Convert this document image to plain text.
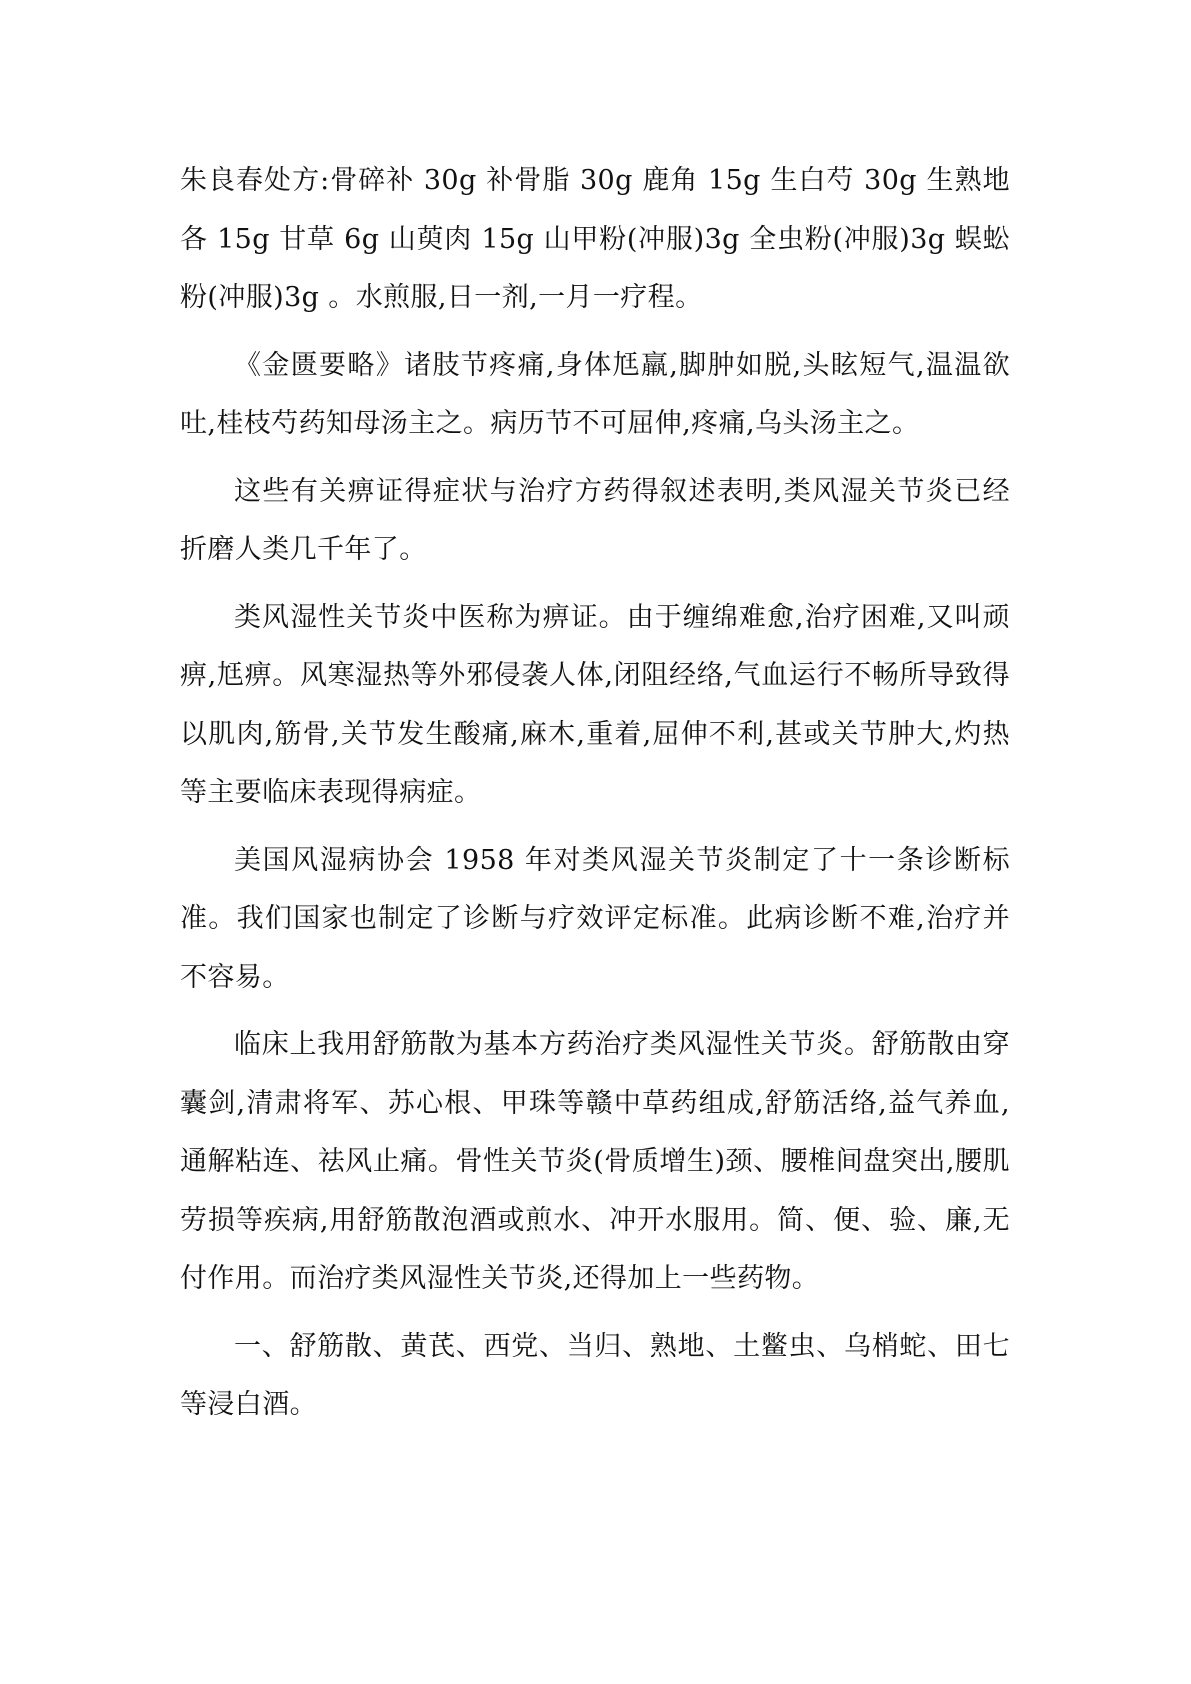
朱良春处方:骨碎补 30g 补骨脂 30g 鹿角 15g 生白芍 30g 生熟地各 15g 甘草 6g 山萸肉 15g 山甲粉(冲服)3g 全虫粉(冲服)3g 蜈蚣粉(冲服)3g 。水煎服,日一剂,一月一疗程。

《金匮要略》诸肢节疼痛,身体尪羸,脚肿如脱,头眩短气,温温欲吐,桂枝芍药知母汤主之。病历节不可屈伸,疼痛,乌头汤主之。

这些有关痹证得症状与治疗方药得叙述表明,类风湿关节炎已经折磨人类几千年了。

类风湿性关节炎中医称为痹证。由于缠绵难愈,治疗困难,又叫顽痹,尪痹。风寒湿热等外邪侵袭人体,闭阻经络,气血运行不畅所导致得以肌肉,筋骨,关节发生酸痛,麻木,重着,屈伸不利,甚或关节肿大,灼热等主要临床表现得病症。

美国风湿病协会 1958 年对类风湿关节炎制定了十一条诊断标准。我们国家也制定了诊断与疗效评定标准。此病诊断不难,治疗并不容易。

临床上我用舒筋散为基本方药治疗类风湿性关节炎。舒筋散由穿囊剑,清肃将军、苏心根、甲珠等赣中草药组成,舒筋活络,益气养血,通解粘连、祛风止痛。骨性关节炎(骨质增生)颈、腰椎间盘突出,腰肌劳损等疾病,用舒筋散泡酒或煎水、冲开水服用。简、便、验、廉,无付作用。而治疗类风湿性关节炎,还得加上一些药物。

一、舒筋散、黄芪、西党、当归、熟地、土鳖虫、乌梢蛇、田七等浸白酒。
